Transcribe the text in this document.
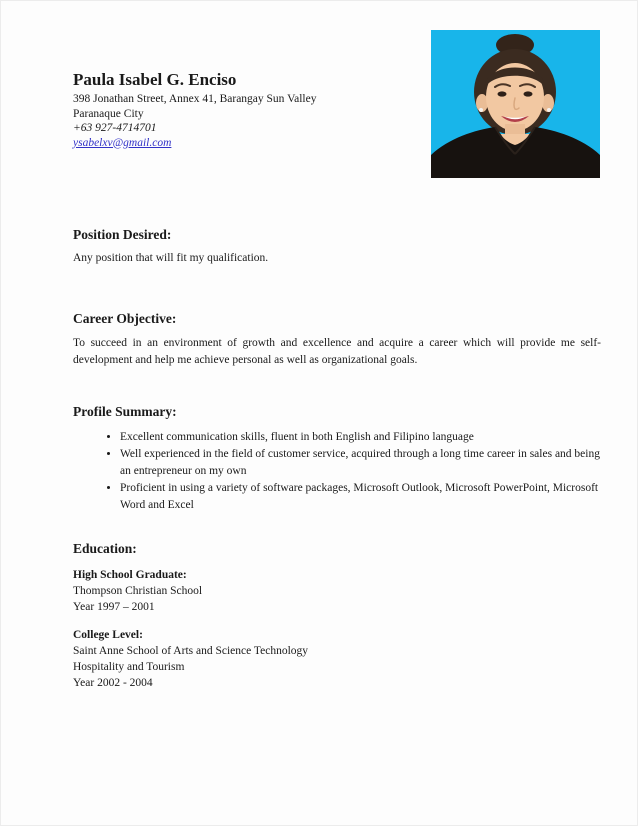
Paula Isabel G. Enciso
398 Jonathan Street, Annex 41, Barangay Sun Valley
Paranaque City
+63 927-4714701
ysabelxv@gmail.com
Position Desired:

Any position that will fit my qualification.

Career Objective:

To succeed in an environment of growth and excellence and acquire a career which will provide me self-development and help me achieve personal as well as organizational goals.

Profile Summary:
• Excellent communication skills, fluent in both English and Filipino language
• Well experienced in the field of customer service, acquired through a long time career in sales and being an entrepreneur on my own
• Proficient in using a variety of software packages, Microsoft Outlook, Microsoft PowerPoint, Microsoft Word and Excel
Education:
High School Graduate:
Thompson Christian School
Year 1997 – 2001
College Level:
Saint Anne School of Arts and Science Technology
Hospitality and Tourism
Year 2002 - 2004
